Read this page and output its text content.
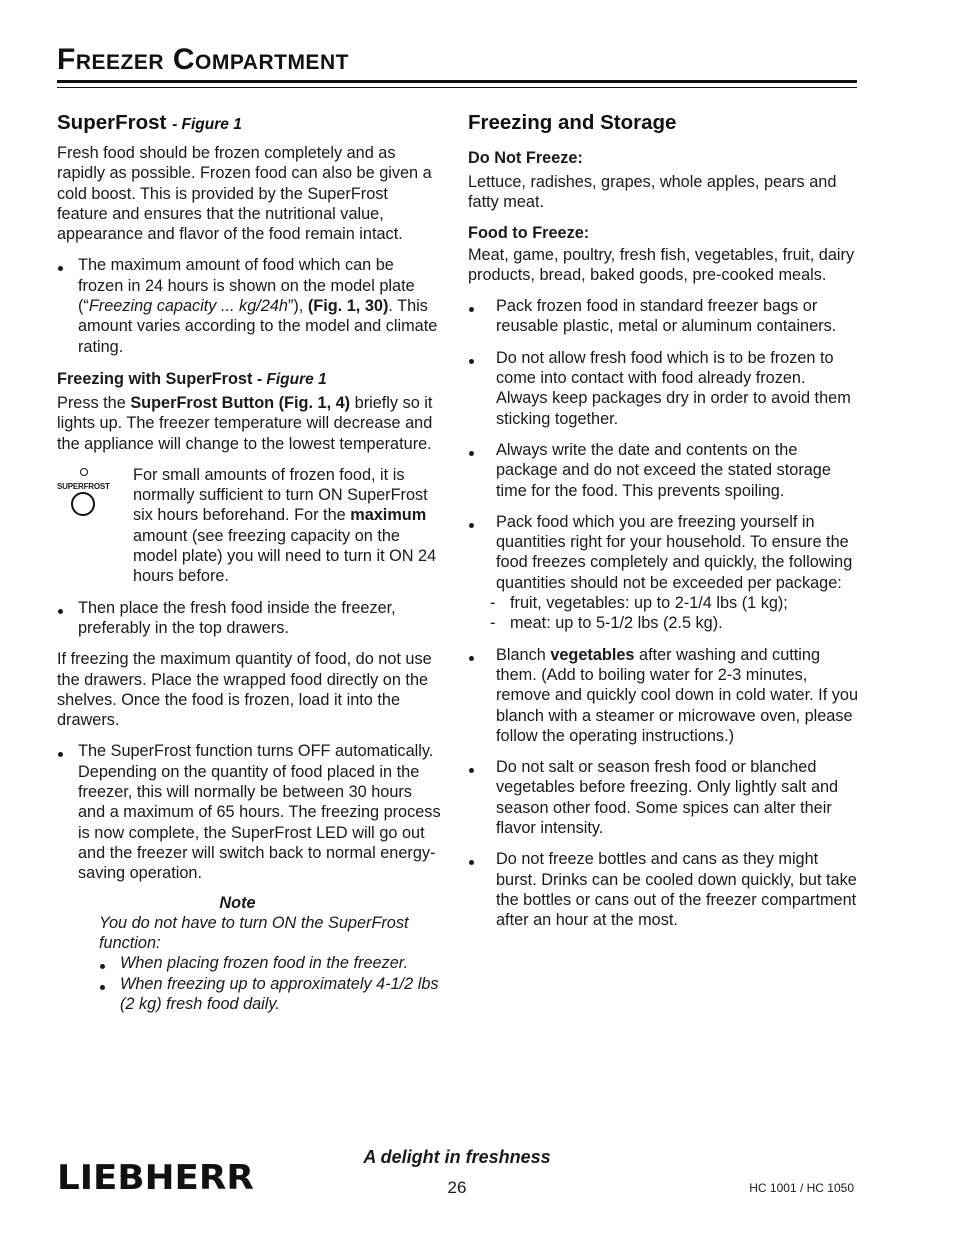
Freezer Compartment
SuperFrost - Figure 1

Fresh food should be frozen completely and as rapidly as possible. Frozen food can also be given a cold boost. This is provided by the SuperFrost feature and ensures that the nutritional value, appearance and flavor of the food remain intact.

The maximum amount of food which can be frozen in 24 hours is shown on the model plate (“Freezing capacity ... kg/24h”), (Fig. 1, 30). This amount varies according to the model and climate rating.
Freezing with SuperFrost - Figure 1

Press the SuperFrost Button (Fig. 1, 4) briefly so it lights up. The freezer temperature will decrease and the appliance will change to the lowest temperature.

SUPERFROST

For small amounts of frozen food, it is normally sufficient to turn ON SuperFrost six hours beforehand. For the maximum amount (see freezing capacity on the model plate) you will need to turn it ON 24 hours before.

Then place the fresh food inside the freezer, preferably in the top drawers.

If freezing the maximum quantity of food, do not use the drawers. Place the wrapped food directly on the shelves. Once the food is frozen, load it into the drawers.

The SuperFrost function turns OFF automatically. Depending on the quantity of food placed in the freezer, this will normally be between 30 hours and a maximum of 65 hours. The freezing process is now complete, the SuperFrost LED will go out and the freezer will switch back to normal energy-saving operation.
Note

You do not have to turn ON the SuperFrost function:

When placing frozen food in the freezer.
When freezing up to approximately 4-1/2 lbs (2 kg) fresh food daily.
Freezing and Storage
Do Not Freeze:

Lettuce, radishes, grapes, whole apples, pears and fatty meat.

Food to Freeze:

Meat, game, poultry, fresh fish, vegetables, fruit, dairy products, bread, baked goods, pre-cooked meals.

Pack frozen food in standard freezer bags or reusable plastic, metal or aluminum containers.
Do not allow fresh food which is to be frozen to come into contact with food already frozen. Always keep packages dry in order to avoid them sticking together.
Always write the date and contents on the package and do not exceed the stated storage time for the food. This prevents spoiling.
Pack food which you are freezing yourself in quantities right for your household. To ensure the food freezes completely and quickly, the following quantities should not be exceeded per package:
- fruit, vegetables: up to 2-1/4 lbs (1 kg);
- meat: up to 5-1/2 lbs (2.5 kg).
Blanch vegetables after washing and cutting them. (Add to boiling water for 2-3 minutes, remove and quickly cool down in cold water. If you blanch with a steamer or microwave oven, please follow the operating instructions.)
Do not salt or season fresh food or blanched vegetables before freezing. Only lightly salt and season other food. Some spices can alter their flavor intensity.
Do not freeze bottles and cans as they might burst. Drinks can be cooled down quickly, but take the bottles or cans out of the freezer compartment after an hour at the most.
A delight in freshness
26	HC 1001 / HC 1050
LIEBHERR
